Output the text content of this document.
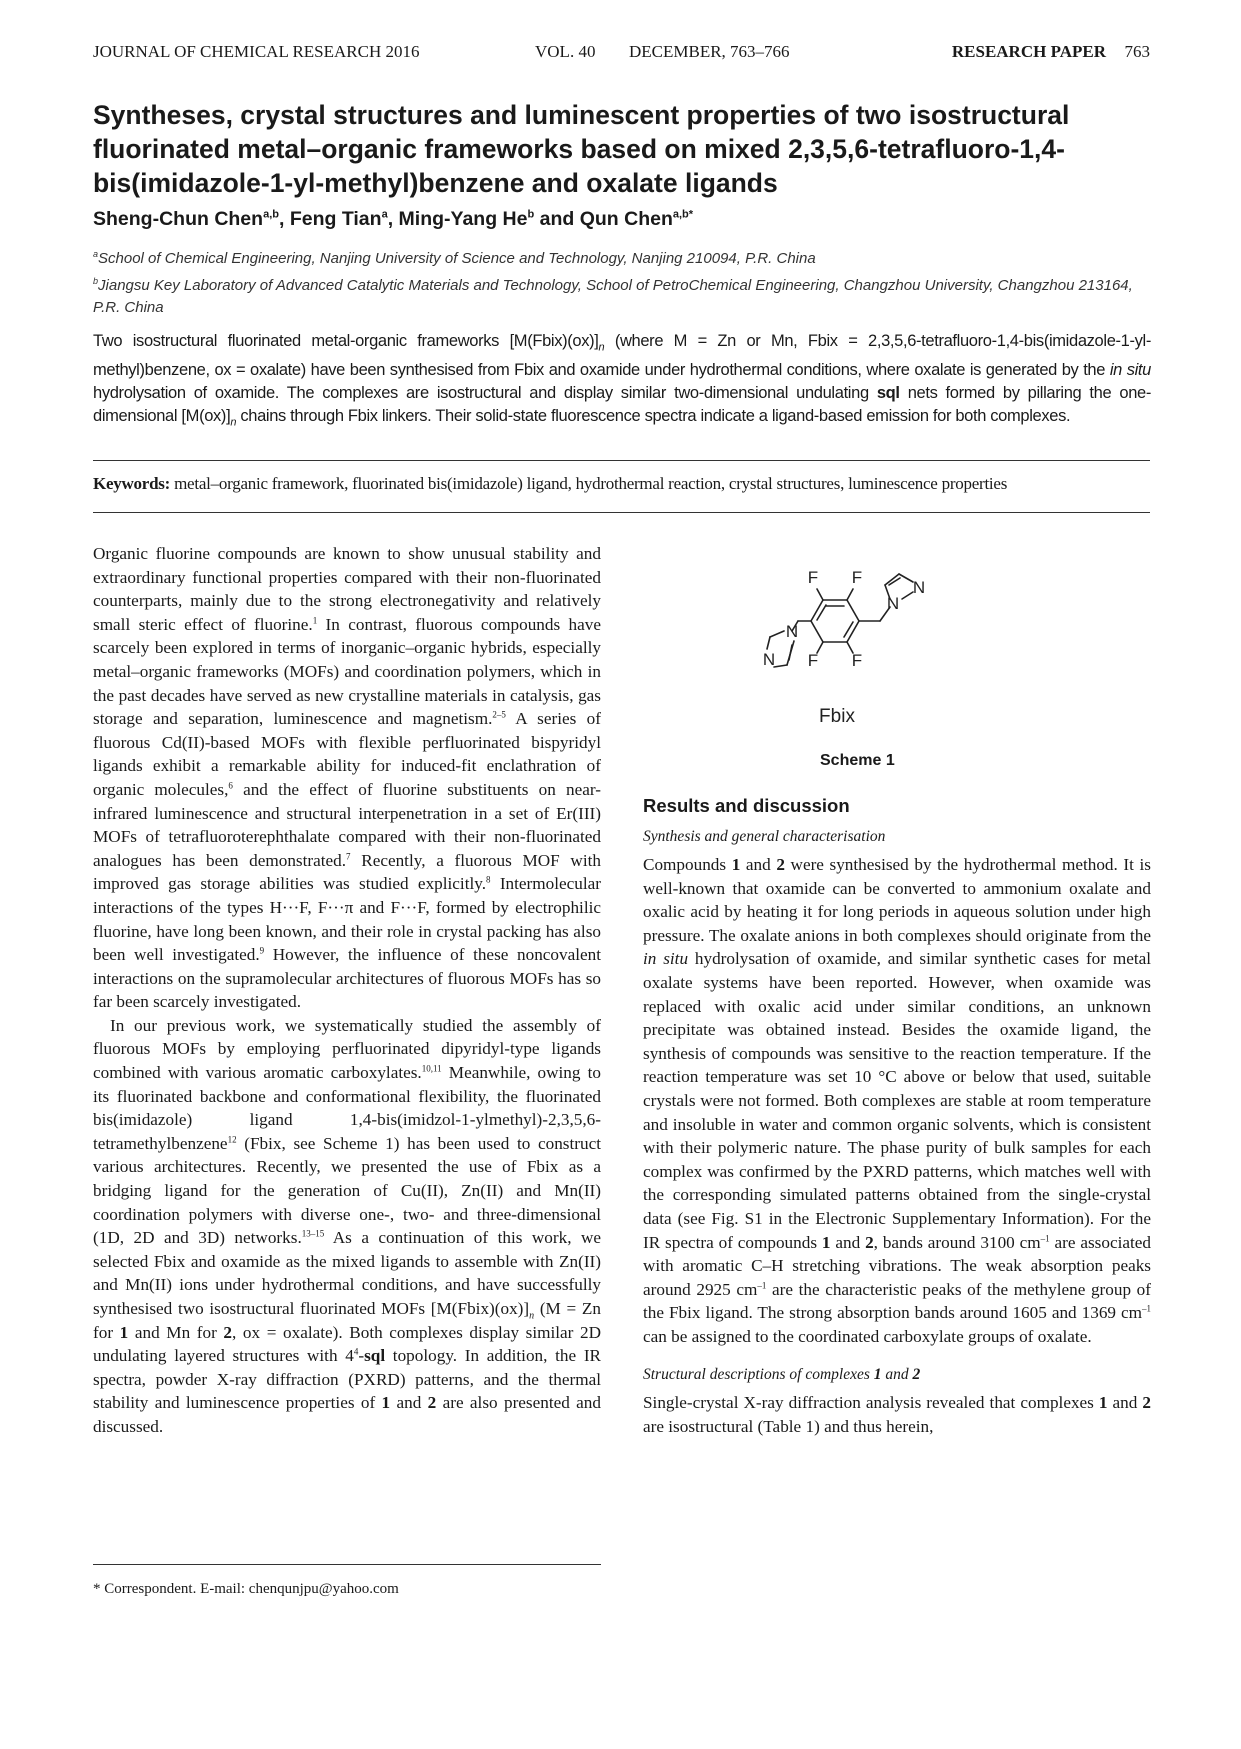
JOURNAL OF CHEMICAL RESEARCH 2016	VOL. 40 DECEMBER, 763–766	RESEARCH PAPER 763
Syntheses, crystal structures and luminescent properties of two isostructural
fluorinated metal–organic frameworks based on mixed 2,3,5,6-tetrafluoro-1,4-
bis(imidazole-1-yl-methyl)benzene and oxalate ligands
Sheng-Chun Chen$^{a,b}$, Feng Tian$^a$, Ming-Yang He$^b$ and Qun Chen$^{a,b*}$
$^a$School of Chemical Engineering, Nanjing University of Science and Technology, Nanjing 210094, P.R. China
$^b$Jiangsu Key Laboratory of Advanced Catalytic Materials and Technology, School of PetroChemical Engineering, Changzhou University, Changzhou 213164, P.R. China

Two isostructural fluorinated metal-organic frameworks $[M(Fbix)(ox)]_n$ (where M = Zn or Mn, Fbix = 2,3,5,6-tetrafluoro-1,4-bis(imidazole-1-yl-methyl)benzene, ox = oxalate) have been synthesised from Fbix and oxamide under hydrothermal conditions, where oxalate is generated by the in situ hydrolysation of oxamide. The complexes are isostructural and display similar two-dimensional undulating sql nets formed by pillaring the one-dimensional $[M(ox)]_n$ chains through Fbix linkers. Their solid-state fluorescence spectra indicate a ligand-based emission for both complexes.

Keywords: metal–organic framework, fluorinated bis(imidazole) ligand, hydrothermal reaction, crystal structures, luminescence properties

Organic fluorine compounds are known to show unusual stability and extraordinary functional properties compared with their non-fluorinated counterparts, mainly due to the strong electronegativity and relatively small steric effect of fluorine.$^1$ In contrast, fluorous compounds have scarcely been explored in terms of inorganic–organic hybrids, especially metal–organic frameworks (MOFs) and coordination polymers, which in the past decades have served as new crystalline materials in catalysis, gas storage and separation, luminescence and magnetism.$^{2-5}$ A series of fluorous Cd(II)-based MOFs with flexible perfluorinated bispyridyl ligands exhibit a remarkable ability for induced-fit enclathration of organic molecules,$^6$ and the effect of fluorine substituents on near-infrared luminescence and structural interpenetration in a set of Er(III) MOFs of tetrafluoroterephthalate compared with their non-fluorinated analogues has been demonstrated.$^7$ Recently, a fluorous MOF with improved gas storage abilities was studied explicitly.$^8$ Intermolecular interactions of the types H···F, F···π and F···F, formed by electrophilic fluorine, have long been known, and their role in crystal packing has also been well investigated.$^9$ However, the influence of these noncovalent interactions on the supramolecular architectures of fluorous MOFs has so far been scarcely investigated.

In our previous work, we systematically studied the assembly of fluorous MOFs by employing perfluorinated dipyridyl-type ligands combined with various aromatic carboxylates.$^{10,11}$ Meanwhile, owing to its fluorinated backbone and conformational flexibility, the fluorinated bis(imidazole) ligand 1,4-bis(imidzol-1-ylmethyl)-2,3,5,6-tetramethylbenzene$^{12}$ (Fbix, see Scheme 1) has been used to construct various architectures. Recently, we presented the use of Fbix as a bridging ligand for the generation of Cu(II), Zn(II) and Mn(II) coordination polymers with diverse one-, two- and three-dimensional (1D, 2D and 3D) networks.$^{13-15}$ As a continuation of this work, we selected Fbix and oxamide as the mixed ligands to assemble with Zn(II) and Mn(II) ions under hydrothermal conditions, and have successfully synthesised two isostructural fluorinated MOFs $[M(Fbix)(ox)]_n$ (M = Zn for 1 and Mn for 2, ox = oxalate). Both complexes display similar 2D undulating layered structures with $4^4$-sql topology. In addition, the IR spectra, powder X-ray diffraction (PXRD) patterns, and the thermal stability and luminescence properties of 1 and 2 are also presented and discussed.

* Correspondent. E-mail: chenqunjpu@yahoo.com
F F
F F
N
N
N
N
Fbix
Scheme 1
Results and discussion
Synthesis and general characterisation

Compounds 1 and 2 were synthesised by the hydrothermal method. It is well-known that oxamide can be converted to ammonium oxalate and oxalic acid by heating it for long periods in aqueous solution under high pressure. The oxalate anions in both complexes should originate from the in situ hydrolysation of oxamide, and similar synthetic cases for metal oxalate systems have been reported. However, when oxamide was replaced with oxalic acid under similar conditions, an unknown precipitate was obtained instead. Besides the oxamide ligand, the synthesis of compounds was sensitive to the reaction temperature. If the reaction temperature was set 10 °C above or below that used, suitable crystals were not formed. Both complexes are stable at room temperature and insoluble in water and common organic solvents, which is consistent with their polymeric nature. The phase purity of bulk samples for each complex was confirmed by the PXRD patterns, which matches well with the corresponding simulated patterns obtained from the single-crystal data (see Fig. S1 in the Electronic Supplementary Information). For the IR spectra of compounds 1 and 2, bands around 3100 $cm^{-1}$ are associated with aromatic C–H stretching vibrations. The weak absorption peaks around 2925 $cm^{-1}$ are the characteristic peaks of the methylene group of the Fbix ligand. The strong absorption bands around 1605 and 1369 $cm^{-1}$ can be assigned to the coordinated carboxylate groups of oxalate.

Structural descriptions of complexes 1 and 2

Single-crystal X-ray diffraction analysis revealed that complexes 1 and 2 are isostructural (Table 1) and thus herein,
